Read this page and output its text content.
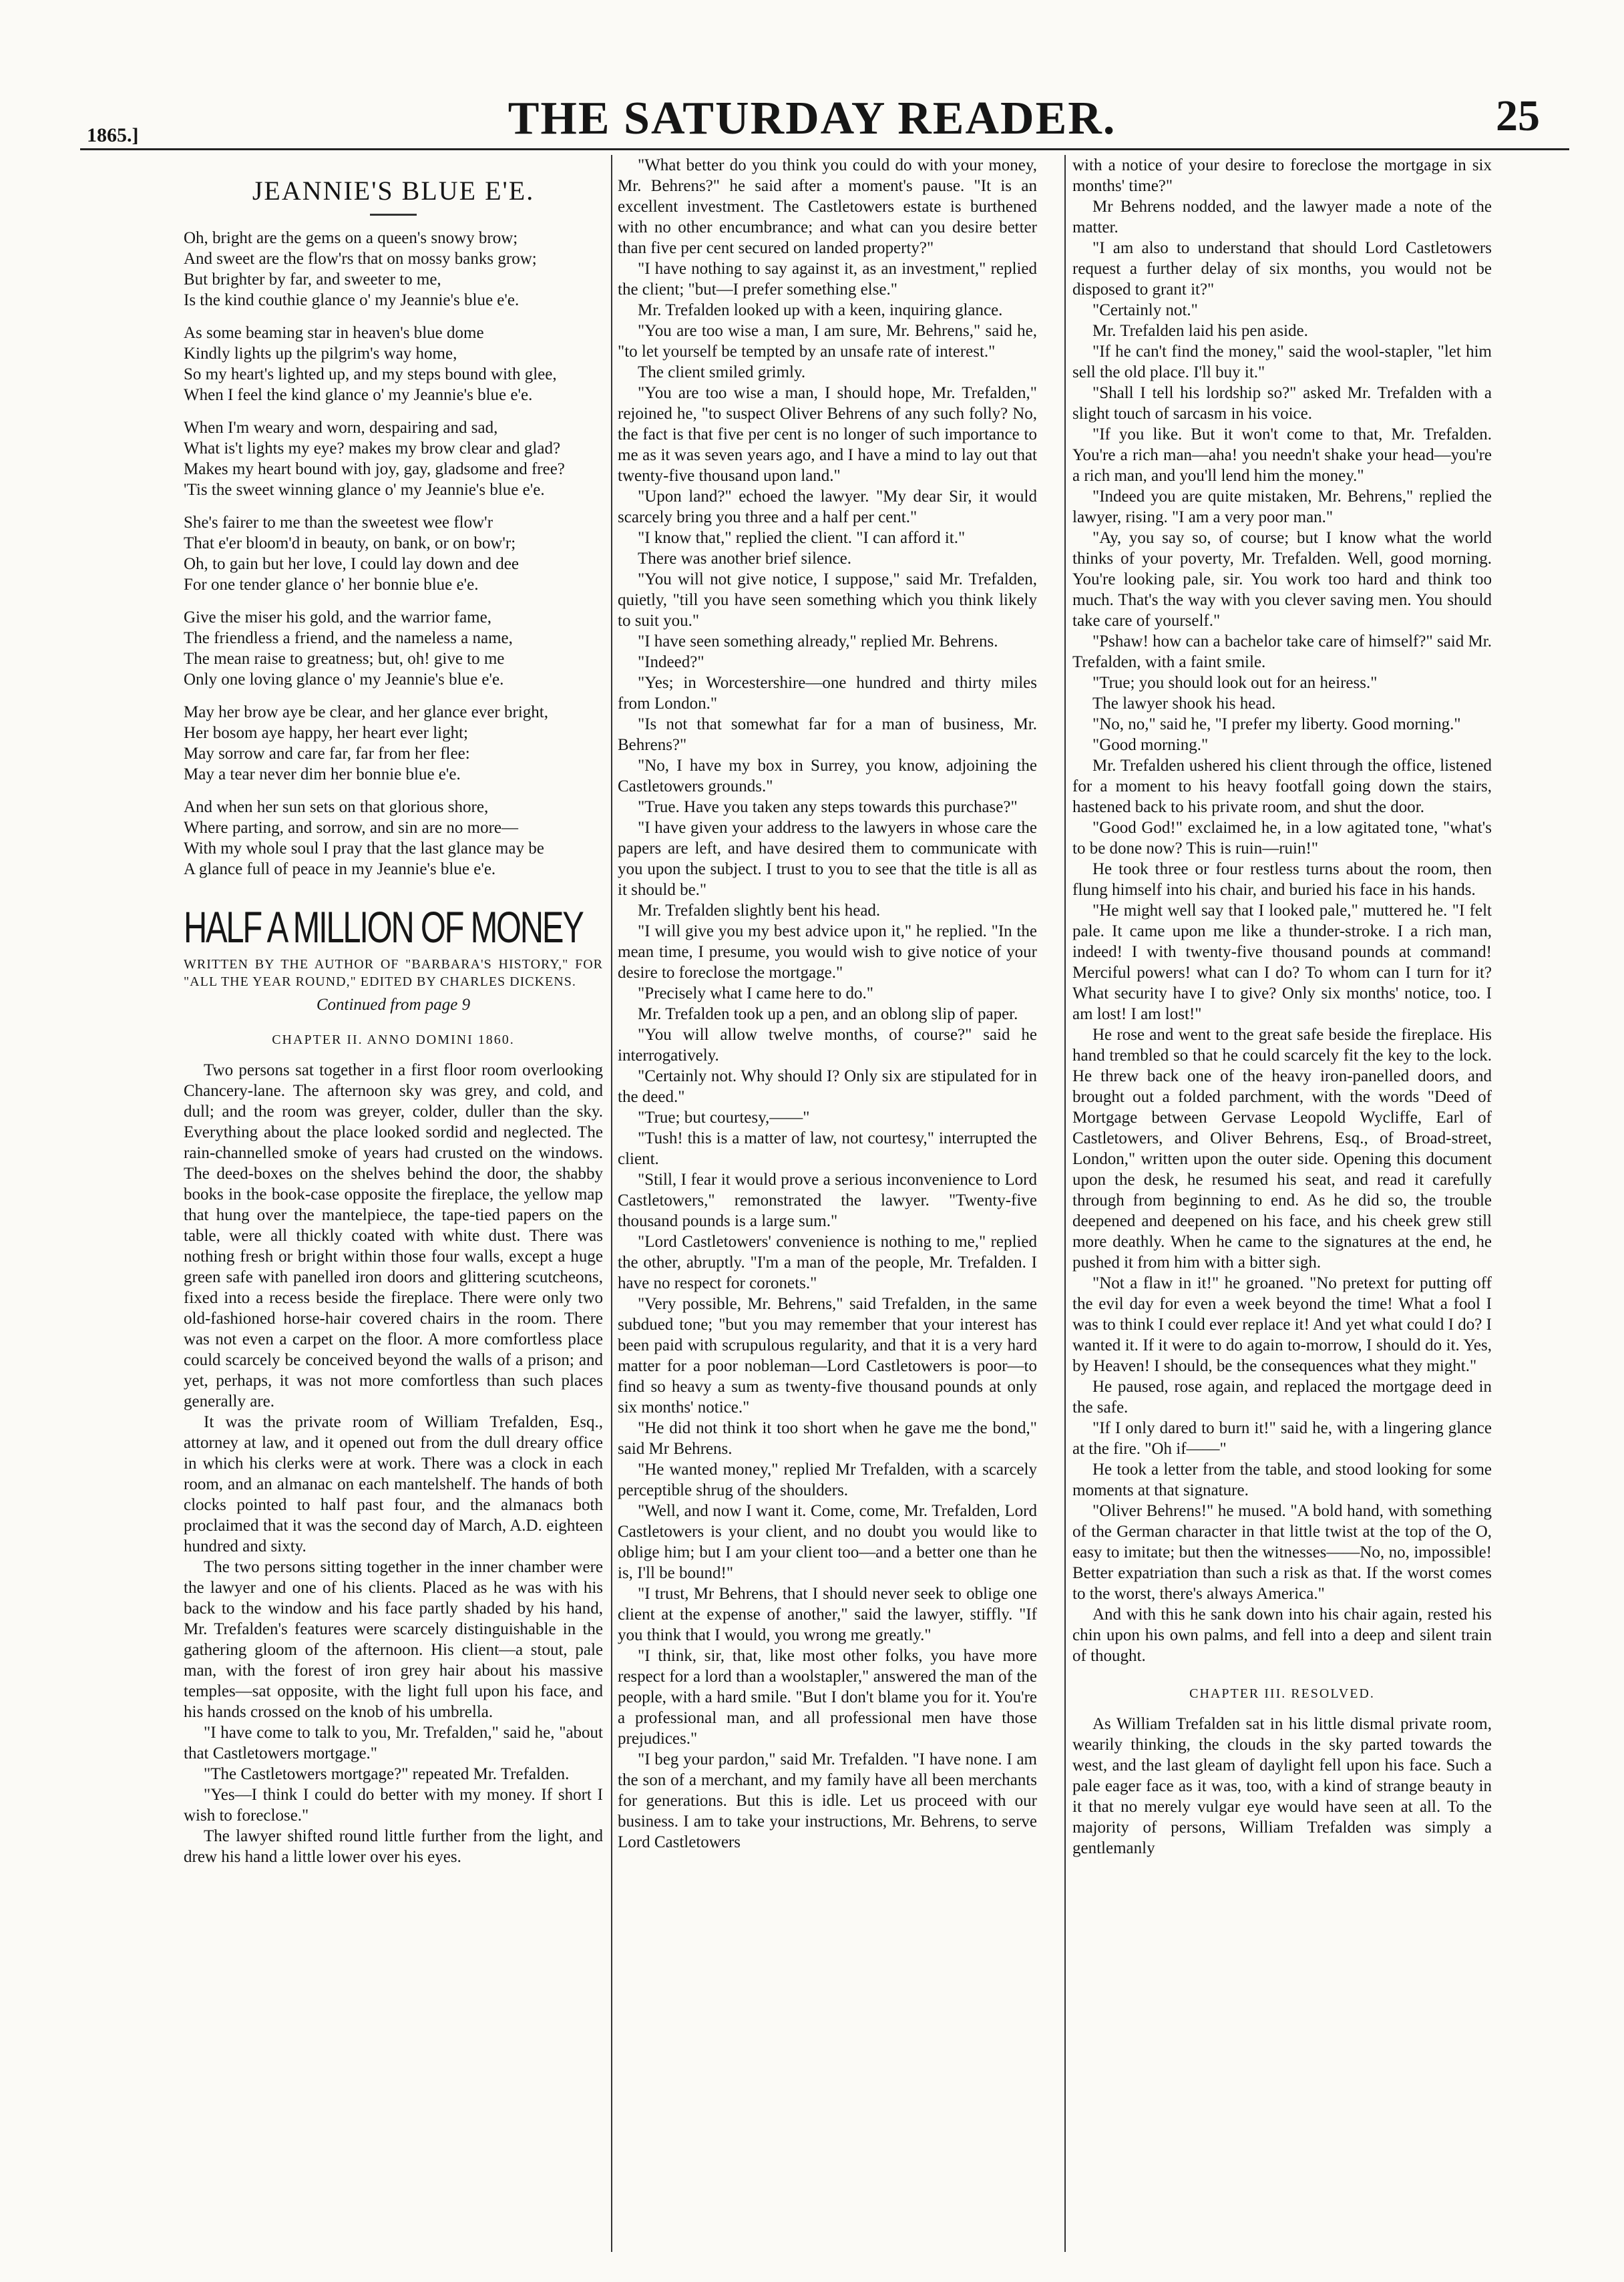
1865.]	THE SATURDAY READER.	25
JEANNIE'S BLUE E'E.

Oh, bright are the gems on a queen's snowy brow;

And sweet are the flow'rs that on mossy banks grow;

But brighter by far, and sweeter to me,

Is the kind couthie glance o' my Jeannie's blue e'e.

As some beaming star in heaven's blue dome

Kindly lights up the pilgrim's way home,

So my heart's lighted up, and my steps bound with glee,

When I feel the kind glance o' my Jeannie's blue e'e.

When I'm weary and worn, despairing and sad,

What is't lights my eye? makes my brow clear and glad?

Makes my heart bound with joy, gay, gladsome and free?

'Tis the sweet winning glance o' my Jeannie's blue e'e.

She's fairer to me than the sweetest wee flow'r

That e'er bloom'd in beauty, on bank, or on bow'r;

Oh, to gain but her love, I could lay down and dee

For one tender glance o' her bonnie blue e'e.

Give the miser his gold, and the warrior fame,

The friendless a friend, and the nameless a name,

The mean raise to greatness; but, oh! give to me

Only one loving glance o' my Jeannie's blue e'e.

May her brow aye be clear, and her glance ever bright,

Her bosom aye happy, her heart ever light;

May sorrow and care far, far from her flee:

May a tear never dim her bonnie blue e'e.

And when her sun sets on that glorious shore,

Where parting, and sorrow, and sin are no more—

With my whole soul I pray that the last glance may be

A glance full of peace in my Jeannie's blue e'e.

HALF A MILLION OF MONEY
WRITTEN BY THE AUTHOR OF "BARBARA'S HISTORY," FOR "ALL THE YEAR ROUND," EDITED BY CHARLES DICKENS.
Continued from page 9
CHAPTER II. ANNO DOMINI 1860.

Two persons sat together in a first floor room overlooking Chancery-lane. The afternoon sky was grey, and cold, and dull; and the room was greyer, colder, duller than the sky. Everything about the place looked sordid and neglected. The rain-channelled smoke of years had crusted on the windows. The deed-boxes on the shelves behind the door, the shabby books in the book-case opposite the fireplace, the yellow map that hung over the mantelpiece, the tape-tied papers on the table, were all thickly coated with white dust. There was nothing fresh or bright within those four walls, except a huge green safe with panelled iron doors and glittering scutcheons, fixed into a recess beside the fireplace. There were only two old-fashioned horse-hair covered chairs in the room. There was not even a carpet on the floor. A more comfortless place could scarcely be conceived beyond the walls of a prison; and yet, perhaps, it was not more comfortless than such places generally are.

It was the private room of William Trefalden, Esq., attorney at law, and it opened out from the dull dreary office in which his clerks were at work. There was a clock in each room, and an almanac on each mantelshelf. The hands of both clocks pointed to half past four, and the almanacs both proclaimed that it was the second day of March, A.D. eighteen hundred and sixty.

The two persons sitting together in the inner chamber were the lawyer and one of his clients. Placed as he was with his back to the window and his face partly shaded by his hand, Mr. Trefalden's features were scarcely distinguishable in the gathering gloom of the afternoon. His client—a stout, pale man, with the forest of iron grey hair about his massive temples—sat opposite, with the light full upon his face, and his hands crossed on the knob of his umbrella.

"I have come to talk to you, Mr. Trefalden," said he, "about that Castletowers mortgage."

"The Castletowers mortgage?" repeated Mr. Trefalden.

"Yes—I think I could do better with my money. If short I wish to foreclose."

The lawyer shifted round little further from the light, and drew his hand a little lower over his eyes.

"What better do you think you could do with your money, Mr. Behrens?" he said after a moment's pause. "It is an excellent investment. The Castletowers estate is burthened with no other encumbrance; and what can you desire better than five per cent secured on landed property?"

"I have nothing to say against it, as an investment," replied the client; "but—I prefer something else."

Mr. Trefalden looked up with a keen, inquiring glance.

"You are too wise a man, I am sure, Mr. Behrens," said he, "to let yourself be tempted by an unsafe rate of interest."

The client smiled grimly.

"You are too wise a man, I should hope, Mr. Trefalden," rejoined he, "to suspect Oliver Behrens of any such folly? No, the fact is that five per cent is no longer of such importance to me as it was seven years ago, and I have a mind to lay out that twenty-five thousand upon land."

"Upon land?" echoed the lawyer. "My dear Sir, it would scarcely bring you three and a half per cent."

"I know that," replied the client. "I can afford it."

There was another brief silence.

"You will not give notice, I suppose," said Mr. Trefalden, quietly, "till you have seen something which you think likely to suit you."

"I have seen something already," replied Mr. Behrens.

"Indeed?"

"Yes; in Worcestershire—one hundred and thirty miles from London."

"Is not that somewhat far for a man of business, Mr. Behrens?"

"No, I have my box in Surrey, you know, adjoining the Castletowers grounds."

"True. Have you taken any steps towards this purchase?"

"I have given your address to the lawyers in whose care the papers are left, and have desired them to communicate with you upon the subject. I trust to you to see that the title is all as it should be."

Mr. Trefalden slightly bent his head.

"I will give you my best advice upon it," he replied. "In the mean time, I presume, you would wish to give notice of your desire to foreclose the mortgage."

"Precisely what I came here to do."

Mr. Trefalden took up a pen, and an oblong slip of paper.

"You will allow twelve months, of course?" said he interrogatively.

"Certainly not. Why should I? Only six are stipulated for in the deed."

"True; but courtesy,——"

"Tush! this is a matter of law, not courtesy," interrupted the client.

"Still, I fear it would prove a serious inconvenience to Lord Castletowers," remonstrated the lawyer. "Twenty-five thousand pounds is a large sum."

"Lord Castletowers' convenience is nothing to me," replied the other, abruptly. "I'm a man of the people, Mr. Trefalden. I have no respect for coronets."

"Very possible, Mr. Behrens," said Trefalden, in the same subdued tone; "but you may remember that your interest has been paid with scrupulous regularity, and that it is a very hard matter for a poor nobleman—Lord Castletowers is poor—to find so heavy a sum as twenty-five thousand pounds at only six months' notice."

"He did not think it too short when he gave me the bond," said Mr Behrens.

"He wanted money," replied Mr Trefalden, with a scarcely perceptible shrug of the shoulders.

"Well, and now I want it. Come, come, Mr. Trefalden, Lord Castletowers is your client, and no doubt you would like to oblige him; but I am your client too—and a better one than he is, I'll be bound!"

"I trust, Mr Behrens, that I should never seek to oblige one client at the expense of another," said the lawyer, stiffly. "If you think that I would, you wrong me greatly."

"I think, sir, that, like most other folks, you have more respect for a lord than a woolstapler," answered the man of the people, with a hard smile. "But I don't blame you for it. You're a professional man, and all professional men have those prejudices."

"I beg your pardon," said Mr. Trefalden. "I have none. I am the son of a merchant, and my family have all been merchants for generations. But this is idle. Let us proceed with our business. I am to take your instructions, Mr. Behrens, to serve Lord Castletowers

with a notice of your desire to foreclose the mortgage in six months' time?"

Mr Behrens nodded, and the lawyer made a note of the matter.

"I am also to understand that should Lord Castletowers request a further delay of six months, you would not be disposed to grant it?"

"Certainly not."

Mr. Trefalden laid his pen aside.

"If he can't find the money," said the wool-stapler, "let him sell the old place. I'll buy it."

"Shall I tell his lordship so?" asked Mr. Trefalden with a slight touch of sarcasm in his voice.

"If you like. But it won't come to that, Mr. Trefalden. You're a rich man—aha! you needn't shake your head—you're a rich man, and you'll lend him the money."

"Indeed you are quite mistaken, Mr. Behrens," replied the lawyer, rising. "I am a very poor man."

"Ay, you say so, of course; but I know what the world thinks of your poverty, Mr. Trefalden. Well, good morning. You're looking pale, sir. You work too hard and think too much. That's the way with you clever saving men. You should take care of yourself."

"Pshaw! how can a bachelor take care of himself?" said Mr. Trefalden, with a faint smile.

"True; you should look out for an heiress."

The lawyer shook his head.

"No, no," said he, "I prefer my liberty. Good morning."

"Good morning."

Mr. Trefalden ushered his client through the office, listened for a moment to his heavy footfall going down the stairs, hastened back to his private room, and shut the door.

"Good God!" exclaimed he, in a low agitated tone, "what's to be done now? This is ruin—ruin!"

He took three or four restless turns about the room, then flung himself into his chair, and buried his face in his hands.

"He might well say that I looked pale," muttered he. "I felt pale. It came upon me like a thunder-stroke. I a rich man, indeed! I with twenty-five thousand pounds at command! Merciful powers! what can I do? To whom can I turn for it? What security have I to give? Only six months' notice, too. I am lost! I am lost!"

He rose and went to the great safe beside the fireplace. His hand trembled so that he could scarcely fit the key to the lock. He threw back one of the heavy iron-panelled doors, and brought out a folded parchment, with the words "Deed of Mortgage between Gervase Leopold Wycliffe, Earl of Castletowers, and Oliver Behrens, Esq., of Broad-street, London," written upon the outer side. Opening this document upon the desk, he resumed his seat, and read it carefully through from beginning to end. As he did so, the trouble deepened and deepened on his face, and his cheek grew still more deathly. When he came to the signatures at the end, he pushed it from him with a bitter sigh.

"Not a flaw in it!" he groaned. "No pretext for putting off the evil day for even a week beyond the time! What a fool I was to think I could ever replace it! And yet what could I do? I wanted it. If it were to do again to-morrow, I should do it. Yes, by Heaven! I should, be the consequences what they might."

He paused, rose again, and replaced the mortgage deed in the safe.

"If I only dared to burn it!" said he, with a lingering glance at the fire. "Oh if——"

He took a letter from the table, and stood looking for some moments at that signature.

"Oliver Behrens!" he mused. "A bold hand, with something of the German character in that little twist at the top of the O, easy to imitate; but then the witnesses——No, no, impossible! Better expatriation than such a risk as that. If the worst comes to the worst, there's always America."

And with this he sank down into his chair again, rested his chin upon his own palms, and fell into a deep and silent train of thought.

CHAPTER III. RESOLVED.

As William Trefalden sat in his little dismal private room, wearily thinking, the clouds in the sky parted towards the west, and the last gleam of daylight fell upon his face. Such a pale eager face as it was, too, with a kind of strange beauty in it that no merely vulgar eye would have seen at all. To the majority of persons, William Trefalden was simply a gentlemanly
